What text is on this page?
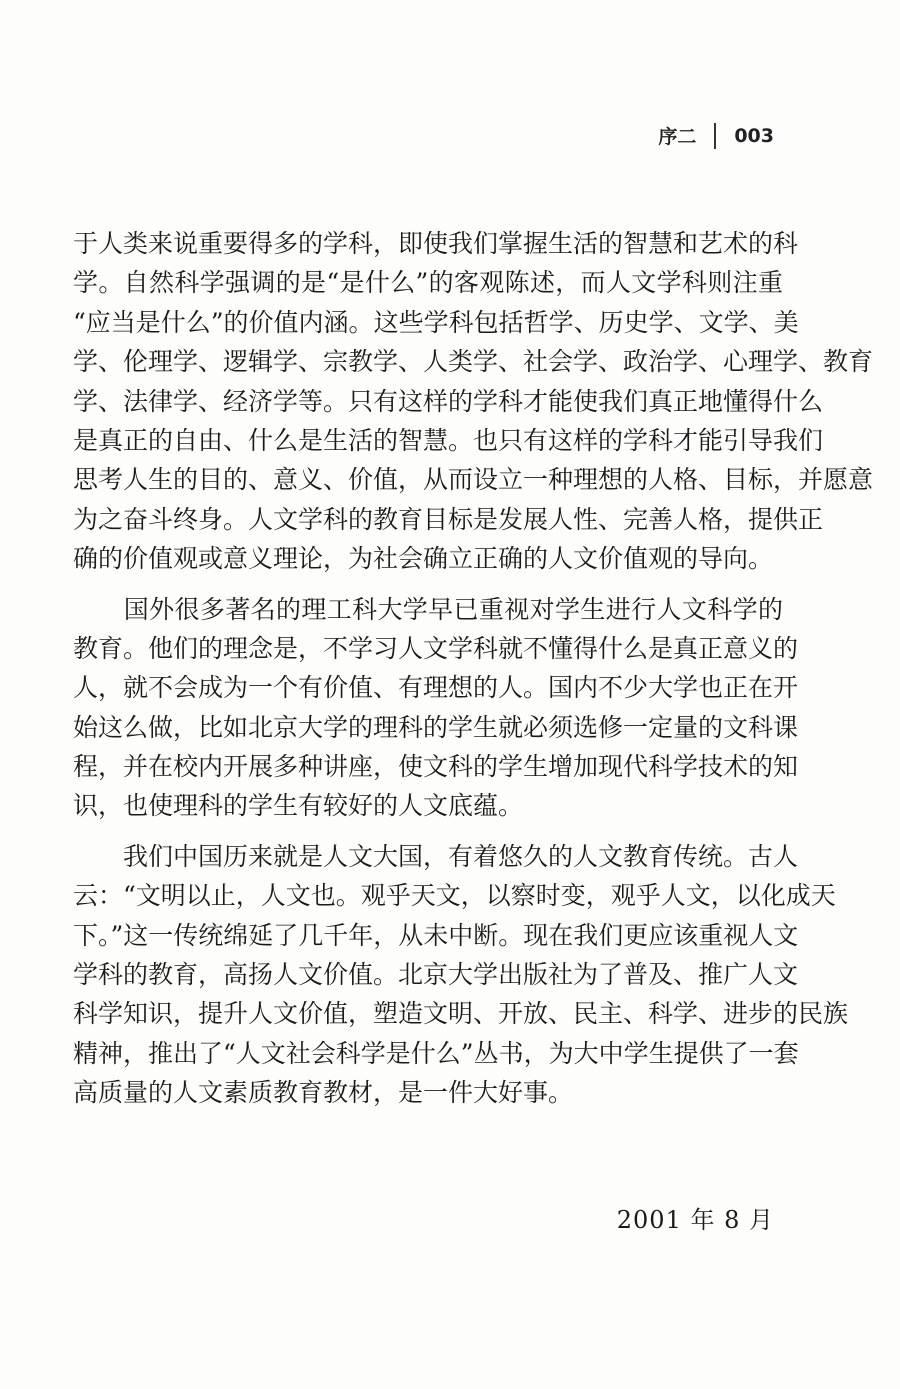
序二 003
于人类来说重要得多的学科，即使我们掌握生活的智慧和艺术的科
学。自然科学强调的是“是什么”的客观陈述，而人文学科则注重
“应当是什么”的价值内涵。这些学科包括哲学、历史学、文学、美
学、伦理学、逻辑学、宗教学、人类学、社会学、政治学、心理学、教育
学、法律学、经济学等。只有这样的学科才能使我们真正地懂得什么
是真正的自由、什么是生活的智慧。也只有这样的学科才能引导我们
思考人生的目的、意义、价值，从而设立一种理想的人格、目标，并愿意
为之奋斗终身。人文学科的教育目标是发展人性、完善人格，提供正
确的价值观或意义理论，为社会确立正确的人文价值观的导向。
　　国外很多著名的理工科大学早已重视对学生进行人文科学的
教育。他们的理念是，不学习人文学科就不懂得什么是真正意义的
人，就不会成为一个有价值、有理想的人。国内不少大学也正在开
始这么做，比如北京大学的理科的学生就必须选修一定量的文科课
程，并在校内开展多种讲座，使文科的学生增加现代科学技术的知
识，也使理科的学生有较好的人文底蕴。
　　我们中国历来就是人文大国，有着悠久的人文教育传统。古人
云：“文明以止，人文也。观乎天文，以察时变，观乎人文，以化成天
下。”这一传统绵延了几千年，从未中断。现在我们更应该重视人文
学科的教育，高扬人文价值。北京大学出版社为了普及、推广人文
科学知识，提升人文价值，塑造文明、开放、民主、科学、进步的民族
精神，推出了“人文社会科学是什么”丛书，为大中学生提供了一套
高质量的人文素质教育教材，是一件大好事。
2001 年 8 月
